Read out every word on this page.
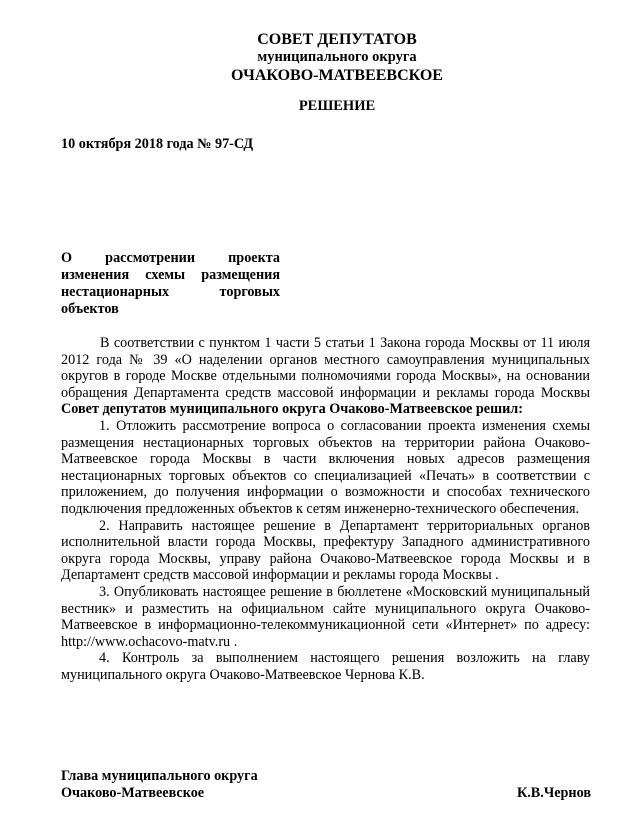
СОВЕТ ДЕПУТАТОВ
муниципального округа
ОЧАКОВО-МАТВЕЕВСКОЕ
РЕШЕНИЕ
10 октября 2018 года № 97-СД
О рассмотрении проекта
изменения схемы размещения
нестационарных торговых
объектов

В соответствии с пунктом 1 части 5 статьи 1 Закона города Москвы от 11 июля 2012 года № 39 «О наделении органов местного самоуправления муниципальных округов в городе Москве отдельными полномочиями города Москвы», на основании обращения Департамента средств массовой информации и рекламы города Москвы Совет депутатов муниципального округа Очаково-Матвеевское решил:

1. Отложить рассмотрение вопроса о согласовании проекта изменения схемы размещения нестационарных торговых объектов на территории района Очаково-Матвеевское города Москвы в части включения новых адресов размещения нестационарных торговых объектов со специализацией «Печать» в соответствии с приложением, до получения информации о возможности и способах технического подключения предложенных объектов к сетям инженерно-технического обеспечения.

2. Направить настоящее решение в Департамент территориальных органов исполнительной власти города Москвы, префектуру Западного административного округа города Москвы, управу района Очаково-Матвеевское города Москвы и в Департамент средств массовой информации и рекламы города Москвы .

3. Опубликовать настоящее решение в бюллетене «Московский муниципальный вестник» и разместить на официальном сайте муниципального округа Очаково-Матвеевское в информационно-телекоммуникационной сети «Интернет» по адресу: http://www.ochacovo-matv.ru .

4. Контроль за выполнением настоящего решения возложить на главу муниципального округа Очаково-Матвеевское Чернова К.В.

Глава муниципального округа
Очаково-Матвеевское	К.В.Чернов
